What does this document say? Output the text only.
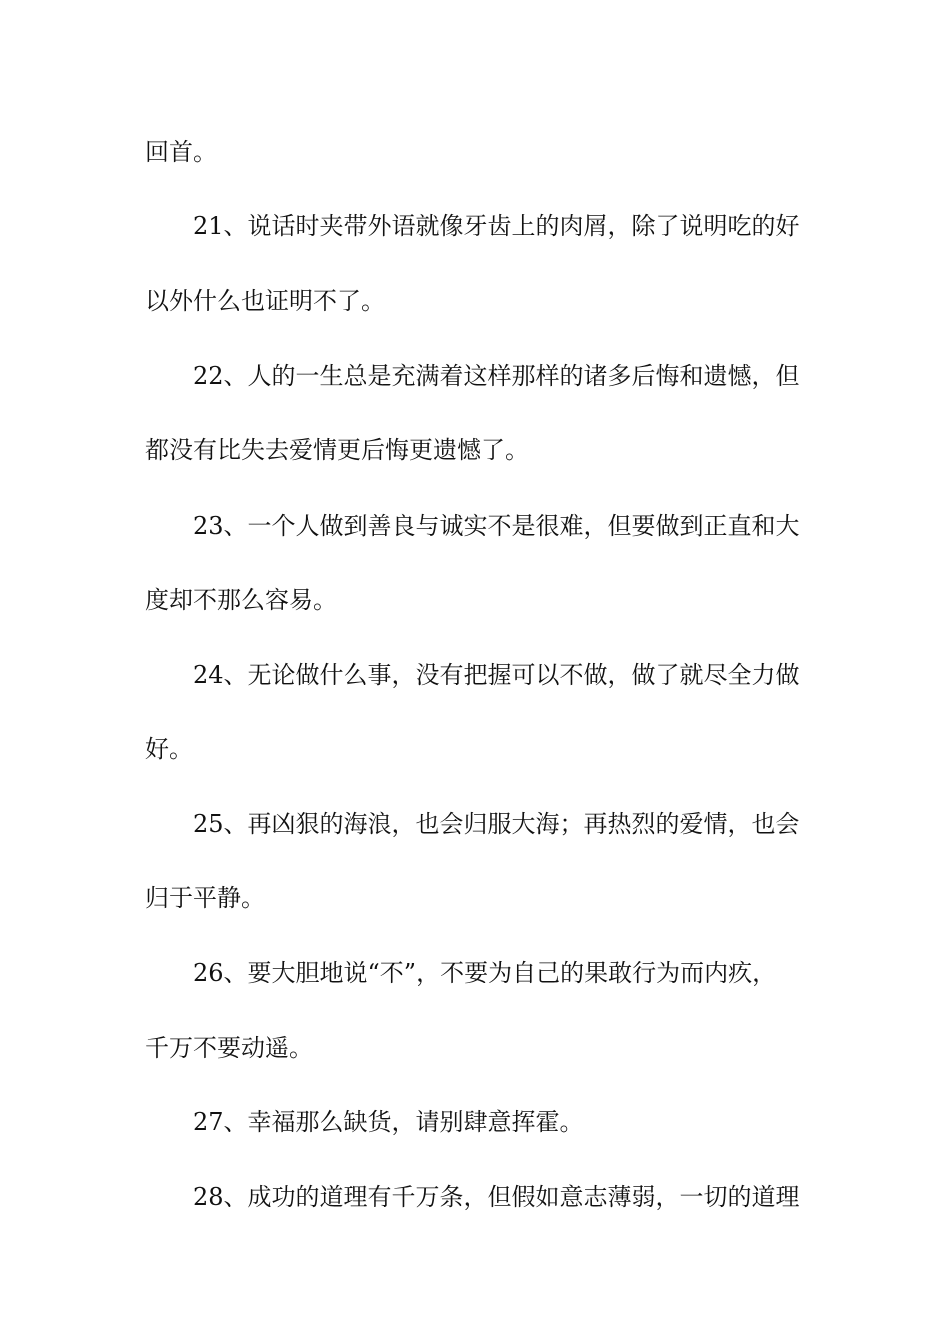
回首。
21、说话时夹带外语就像牙齿上的肉屑，除了说明吃的好
以外什么也证明不了。
22、人的一生总是充满着这样那样的诸多后悔和遗憾，但
都没有比失去爱情更后悔更遗憾了。
23、一个人做到善良与诚实不是很难，但要做到正直和大
度却不那么容易。
24、无论做什么事，没有把握可以不做，做了就尽全力做
好。
25、再凶狠的海浪，也会归服大海；再热烈的爱情，也会
归于平静。
26、要大胆地说“不”，不要为自己的果敢行为而内疚，
千万不要动遥。
27、幸福那么缺货，请别肆意挥霍。
28、成功的道理有千万条，但假如意志薄弱，一切的道理
